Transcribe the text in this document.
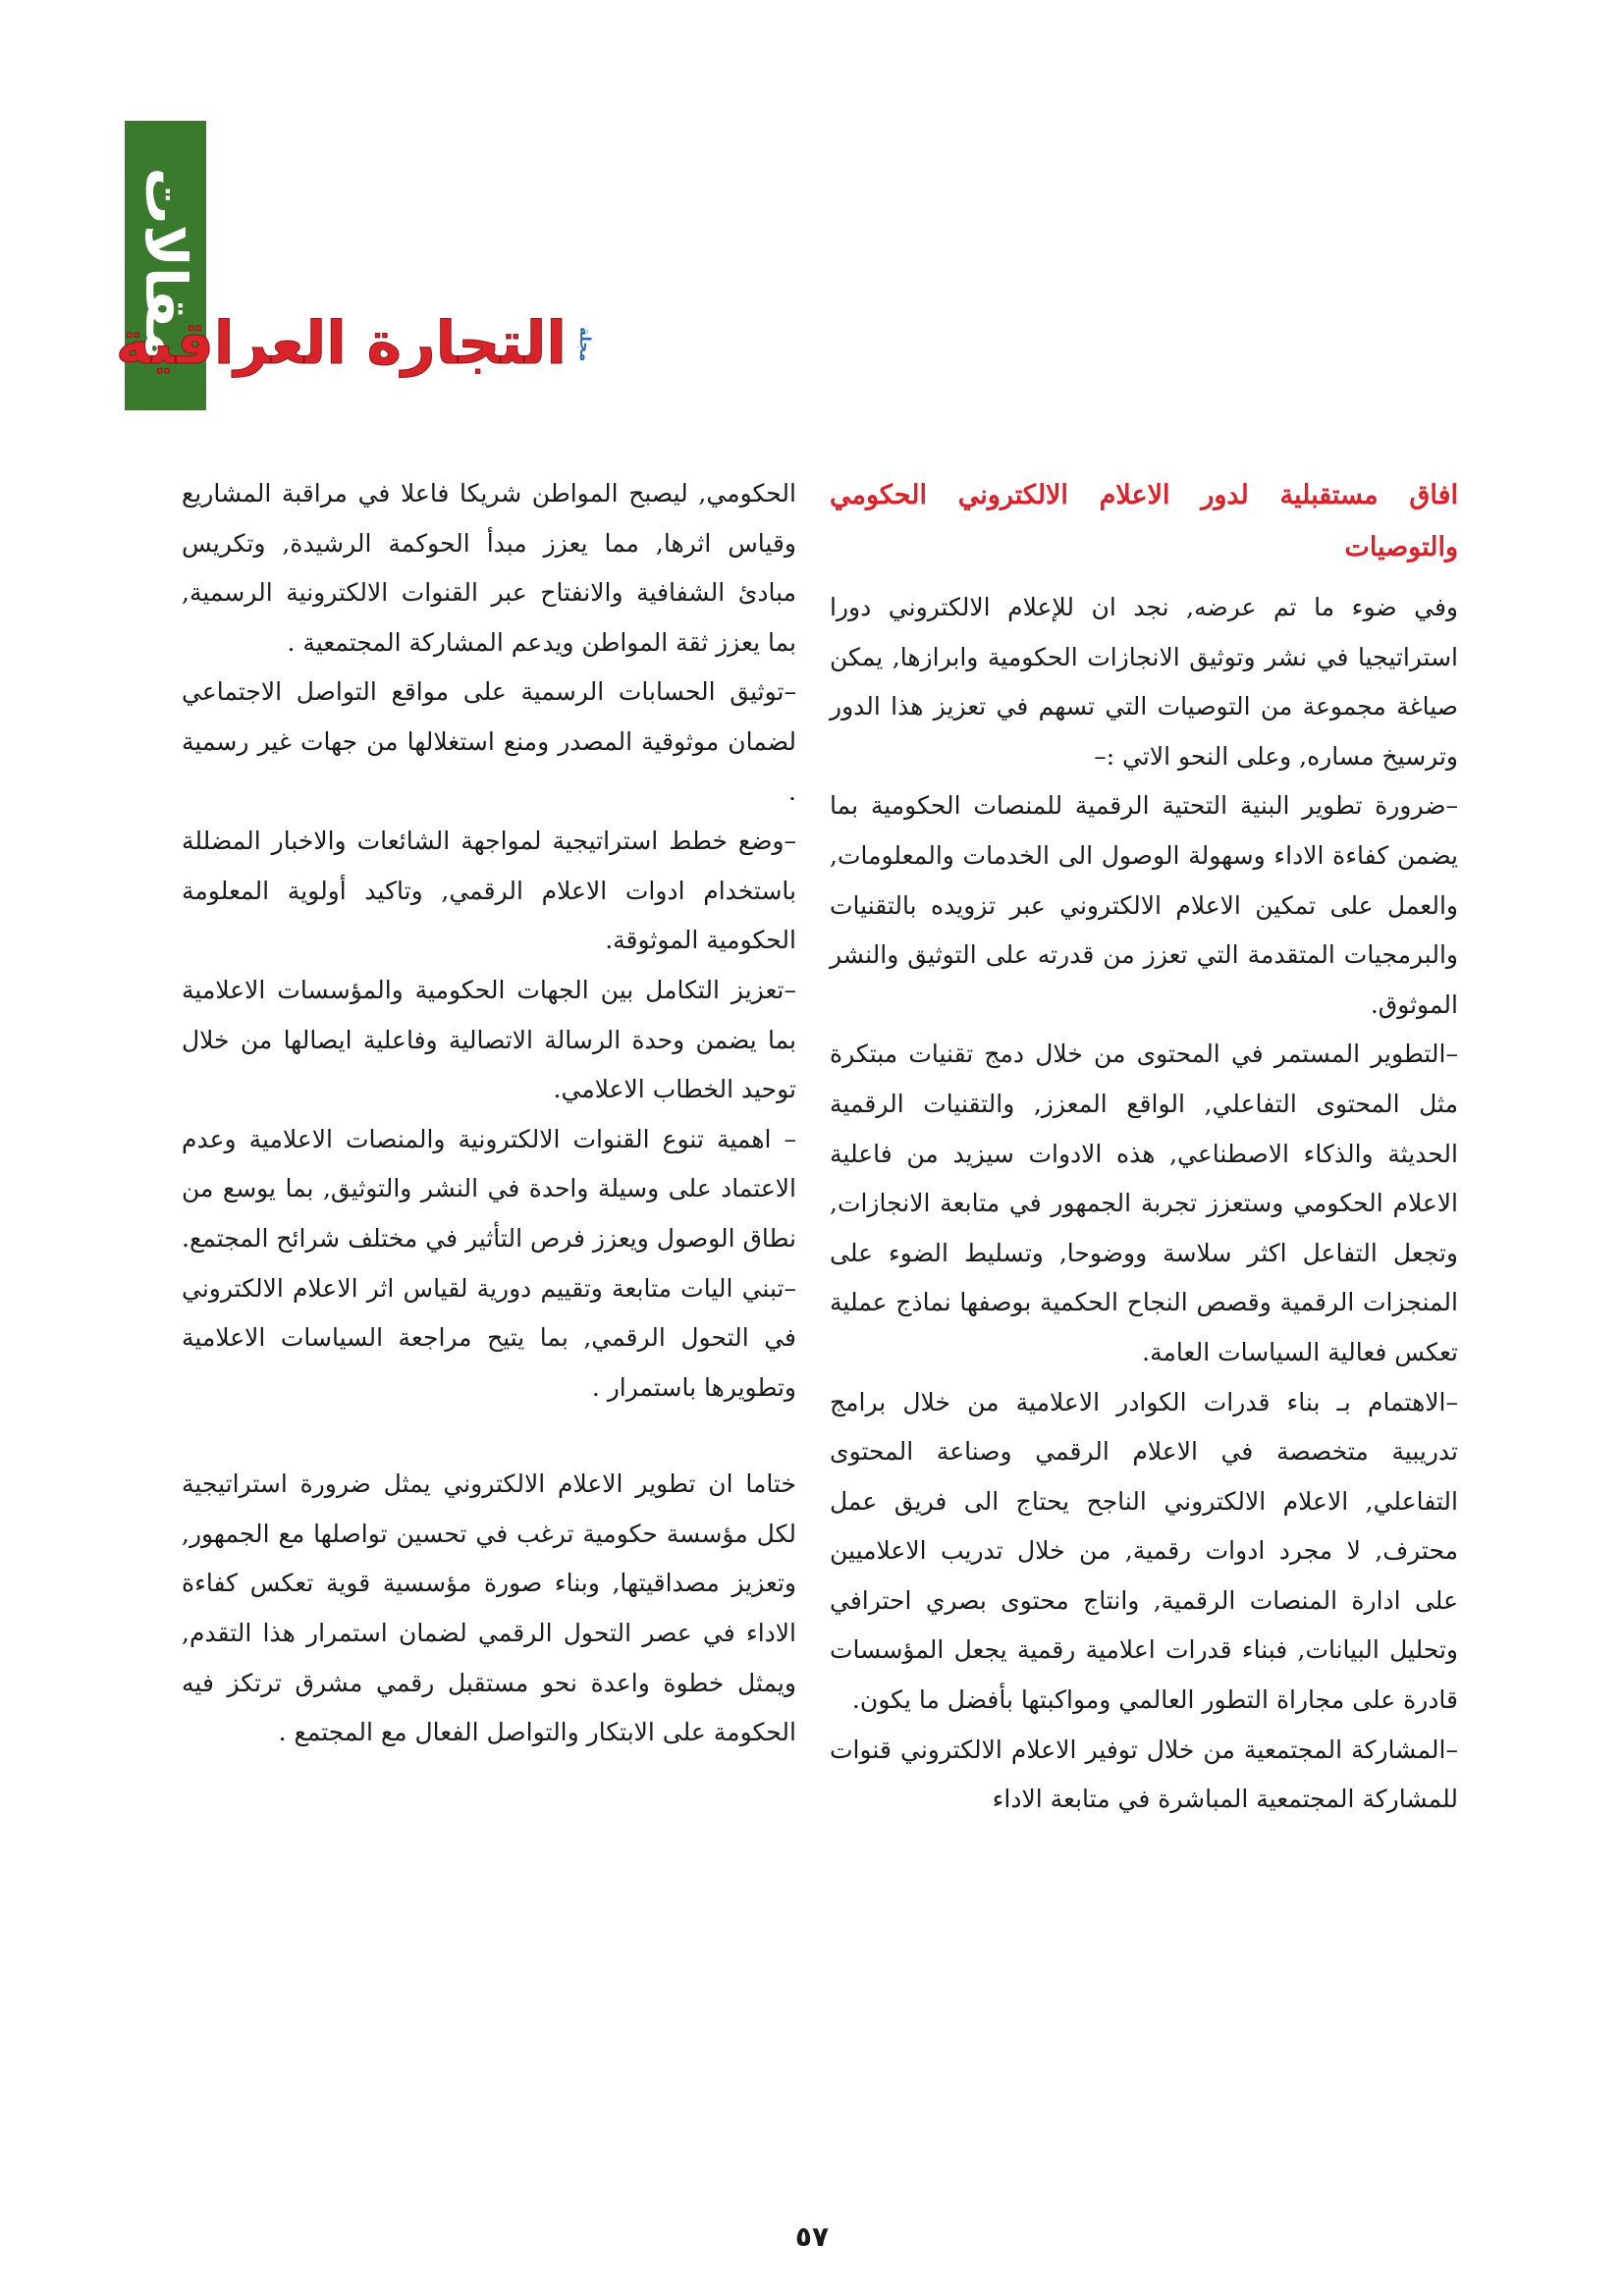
مقالات
التجارة العراقية مجلة
افاق مستقبلية لدور الاعلام الالكتروني الحكومي والتوصيات

وفي ضوء ما تم عرضه, نجد ان للإعلام الالكتروني دورا استراتيجيا في نشر وتوثيق الانجازات الحكومية وابرازها, يمكن صياغة مجموعة من التوصيات التي تسهم في تعزيز هذا الدور وترسيخ مساره, وعلى النحو الاتي :–

–ضرورة تطوير البنية التحتية الرقمية للمنصات الحكومية بما يضمن كفاءة الاداء وسهولة الوصول الى الخدمات والمعلومات, والعمل على تمكين الاعلام الالكتروني عبر تزويده بالتقنيات والبرمجيات المتقدمة التي تعزز من قدرته على التوثيق والنشر الموثوق.

–التطوير المستمر في المحتوى من خلال دمج تقنيات مبتكرة مثل المحتوى التفاعلي, الواقع المعزز, والتقنيات الرقمية الحديثة والذكاء الاصطناعي, هذه الادوات سيزيد من فاعلية الاعلام الحكومي وستعزز تجربة الجمهور في متابعة الانجازات, وتجعل التفاعل اكثر سلاسة ووضوحا, وتسليط الضوء على المنجزات الرقمية وقصص النجاح الحكمية بوصفها نماذج عملية تعكس فعالية السياسات العامة.

–الاهتمام بـ بناء قدرات الكوادر الاعلامية من خلال برامج تدريبية متخصصة في الاعلام الرقمي وصناعة المحتوى التفاعلي, الاعلام الالكتروني الناجح يحتاج الى فريق عمل محترف, لا مجرد ادوات رقمية, من خلال تدريب الاعلاميين على ادارة المنصات الرقمية, وانتاج محتوى بصري احترافي وتحليل البيانات, فبناء قدرات اعلامية رقمية يجعل المؤسسات قادرة على مجاراة التطور العالمي ومواكبتها بأفضل ما يكون.

–المشاركة المجتمعية من خلال توفير الاعلام الالكتروني قنوات للمشاركة المجتمعية المباشرة في متابعة الاداء

الحكومي, ليصبح المواطن شريكا فاعلا في مراقبة المشاريع وقياس اثرها, مما يعزز مبدأ الحوكمة الرشيدة, وتكريس مبادئ الشفافية والانفتاح عبر القنوات الالكترونية الرسمية, بما يعزز ثقة المواطن ويدعم المشاركة المجتمعية .

–توثيق الحسابات الرسمية على مواقع التواصل الاجتماعي لضمان موثوقية المصدر ومنع استغلالها من جهات غير رسمية .

–وضع خطط استراتيجية لمواجهة الشائعات والاخبار المضللة باستخدام ادوات الاعلام الرقمي, وتاكيد أولوية المعلومة الحكومية الموثوقة.

–تعزيز التكامل بين الجهات الحكومية والمؤسسات الاعلامية بما يضمن وحدة الرسالة الاتصالية وفاعلية ايصالها من خلال توحيد الخطاب الاعلامي.

– اهمية تنوع القنوات الالكترونية والمنصات الاعلامية وعدم الاعتماد على وسيلة واحدة في النشر والتوثيق, بما يوسع من نطاق الوصول ويعزز فرص التأثير في مختلف شرائح المجتمع.

–تبني اليات متابعة وتقييم دورية لقياس اثر الاعلام الالكتروني في التحول الرقمي, بما يتيح مراجعة السياسات الاعلامية وتطويرها باستمرار .

ختاما ان تطوير الاعلام الالكتروني يمثل ضرورة استراتيجية لكل مؤسسة حكومية ترغب في تحسين تواصلها مع الجمهور, وتعزيز مصداقيتها, وبناء صورة مؤسسية قوية تعكس كفاءة الاداء في عصر التحول الرقمي لضمان استمرار هذا التقدم, ويمثل خطوة واعدة نحو مستقبل رقمي مشرق ترتكز فيه الحكومة على الابتكار والتواصل الفعال مع المجتمع .

٥٧
